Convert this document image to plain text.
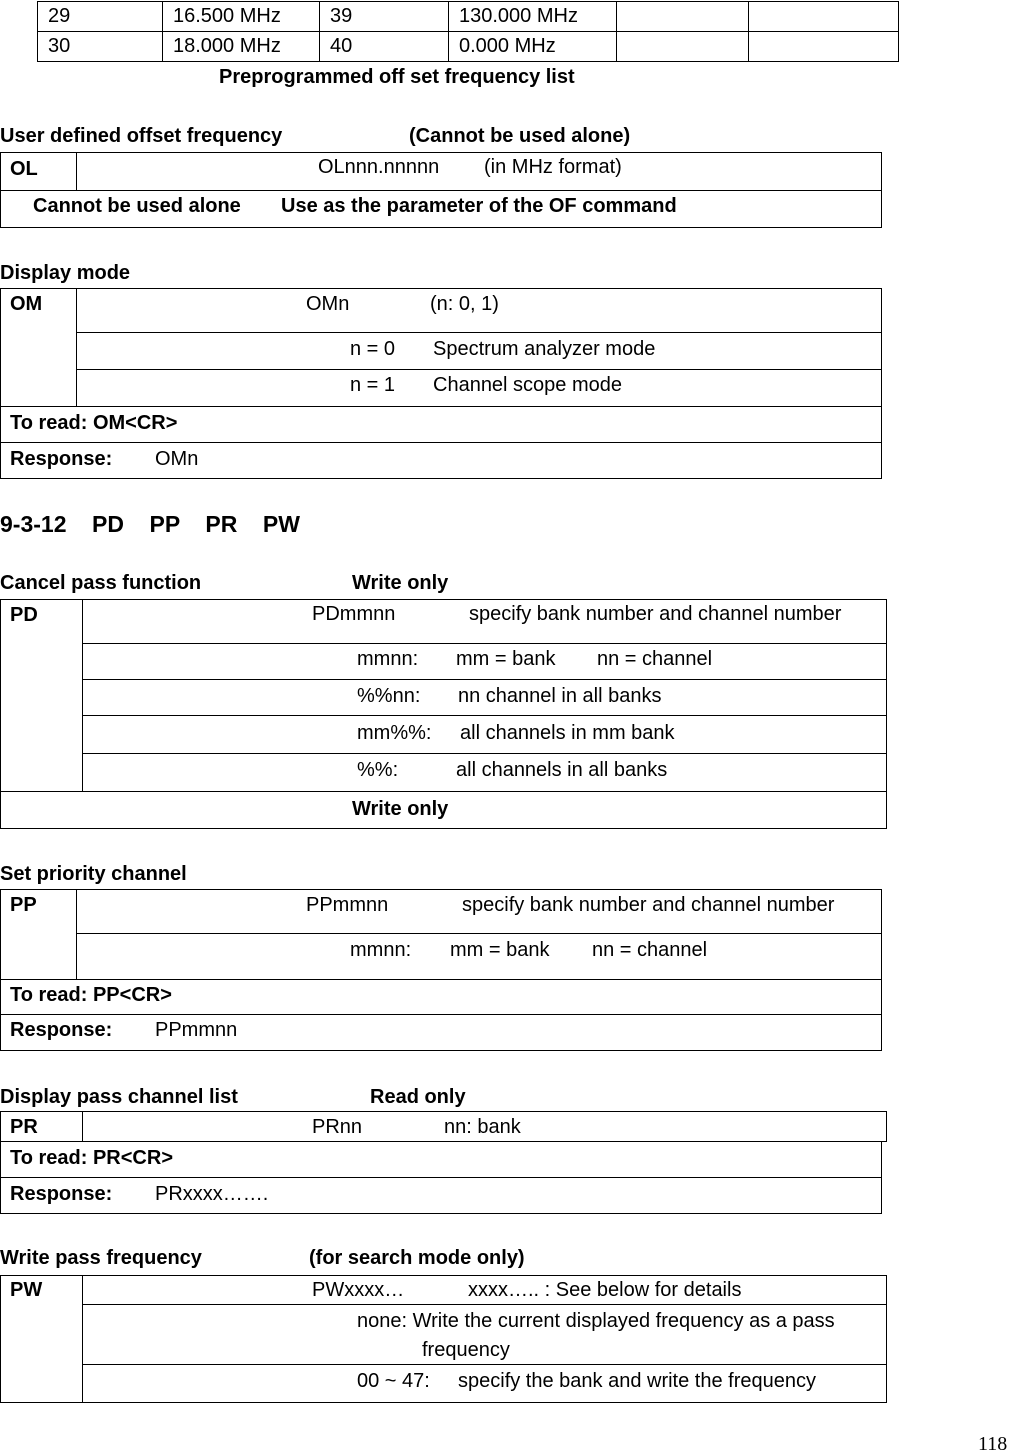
29	16.500 MHz	39	130.000 MHz		
30	18.000 MHz	40	0.000 MHz		
Preprogrammed off set frequency list
User defined offset frequency	(Cannot be used alone)
OL	OLnnn.nnnnn (in MHz format)
Cannot be used alone Use as the parameter of the OF command
Display mode
OM	OMn	(n: 0, 1)
n = 0 Spectrum analyzer mode
n = 1 Channel scope mode
To read: OM<CR>
Response: OMn
9-3-12    PD    PP    PR    PW
Cancel pass function	Write only
PD	PDmmnn	specify bank number and channel number
mmnn: mm = bank nn = channel
%%nn: nn channel in all banks
mm%%: all channels in mm bank
%%:	all channels in all banks
Write only
Set priority channel
PP	PPmmnn	specify bank number and channel number
mmnn: mm = bank nn = channel
To read: PP<CR>
Response: PPmmnn
Display pass channel list	Read only
PR	PRnn	nn: bank
To read: PR<CR>
Response: PRxxxx…….
Write pass frequency	(for search mode only)
PW	PWxxxx…	xxxx….. : See below for details
none: Write the current displayed frequency as a pass
frequency
00 ~ 47: specify the bank and write the frequency
118
